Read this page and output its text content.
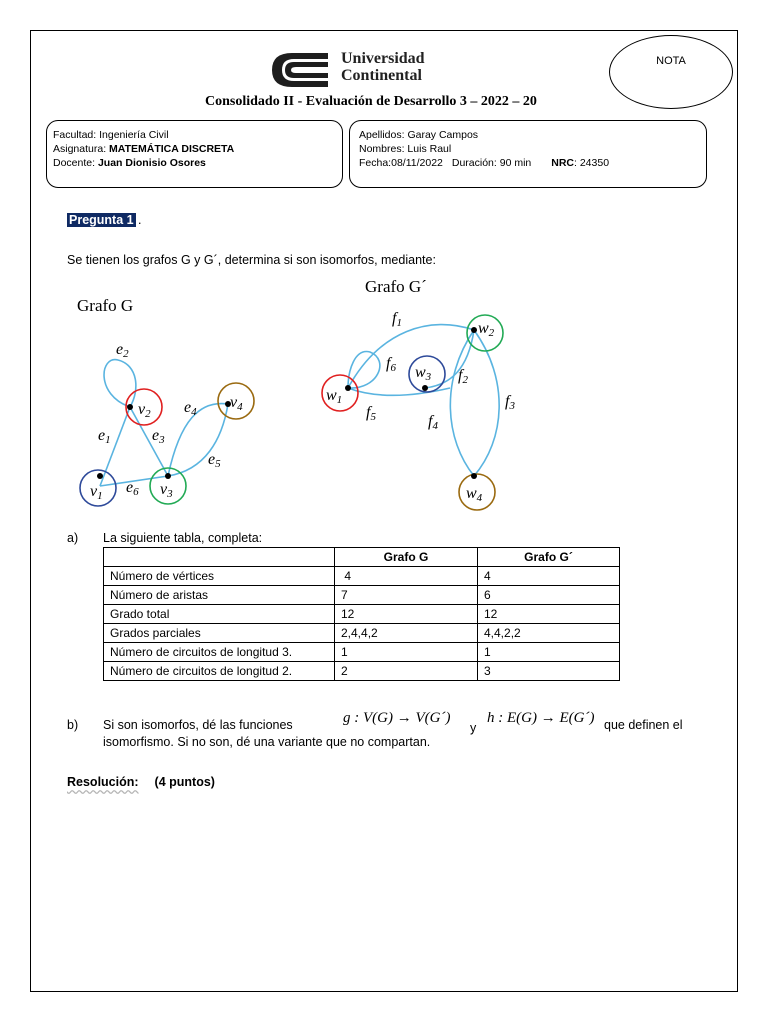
Universidad
Continental
NOTA
Consolidado II - Evaluación de Desarrollo 3 – 2022 – 20
Facultad: Ingeniería Civil
Asignatura: MATEMÁTICA DISCRETA
Docente: Juan Dionisio Osores
Apellidos: Garay Campos
Nombres: Luis Raul
Fecha:08/11/2022 Duración: 90 min NRC: 24350
Pregunta 1 .
Se tienen los grafos G y G´, determina si son isomorfos, mediante:
Grafo G
v1
v2
v3
v4
e1
e2
e3
e4
e5
e6
Grafo G´
w1
w2
w3
w4
f1
f6
f5
f2
f4
f3
a) La siguiente tabla, completa:
	Grafo G	Grafo G´
Número de vértices	4	4
Número de aristas	7	6
Grado total	12	12
Grados parciales	2,4,4,2	4,4,2,2
Número de circuitos de longitud 3.	1	1
Número de circuitos de longitud 2.	2	3
b) Si son isomorfos, dé las funciones	g : V(G) → V(G´)
y
h : E(G) → E(G´) que definen el
isomorfismo. Si no son, dé una variante que no compartan.
Resolución: (4 puntos)
